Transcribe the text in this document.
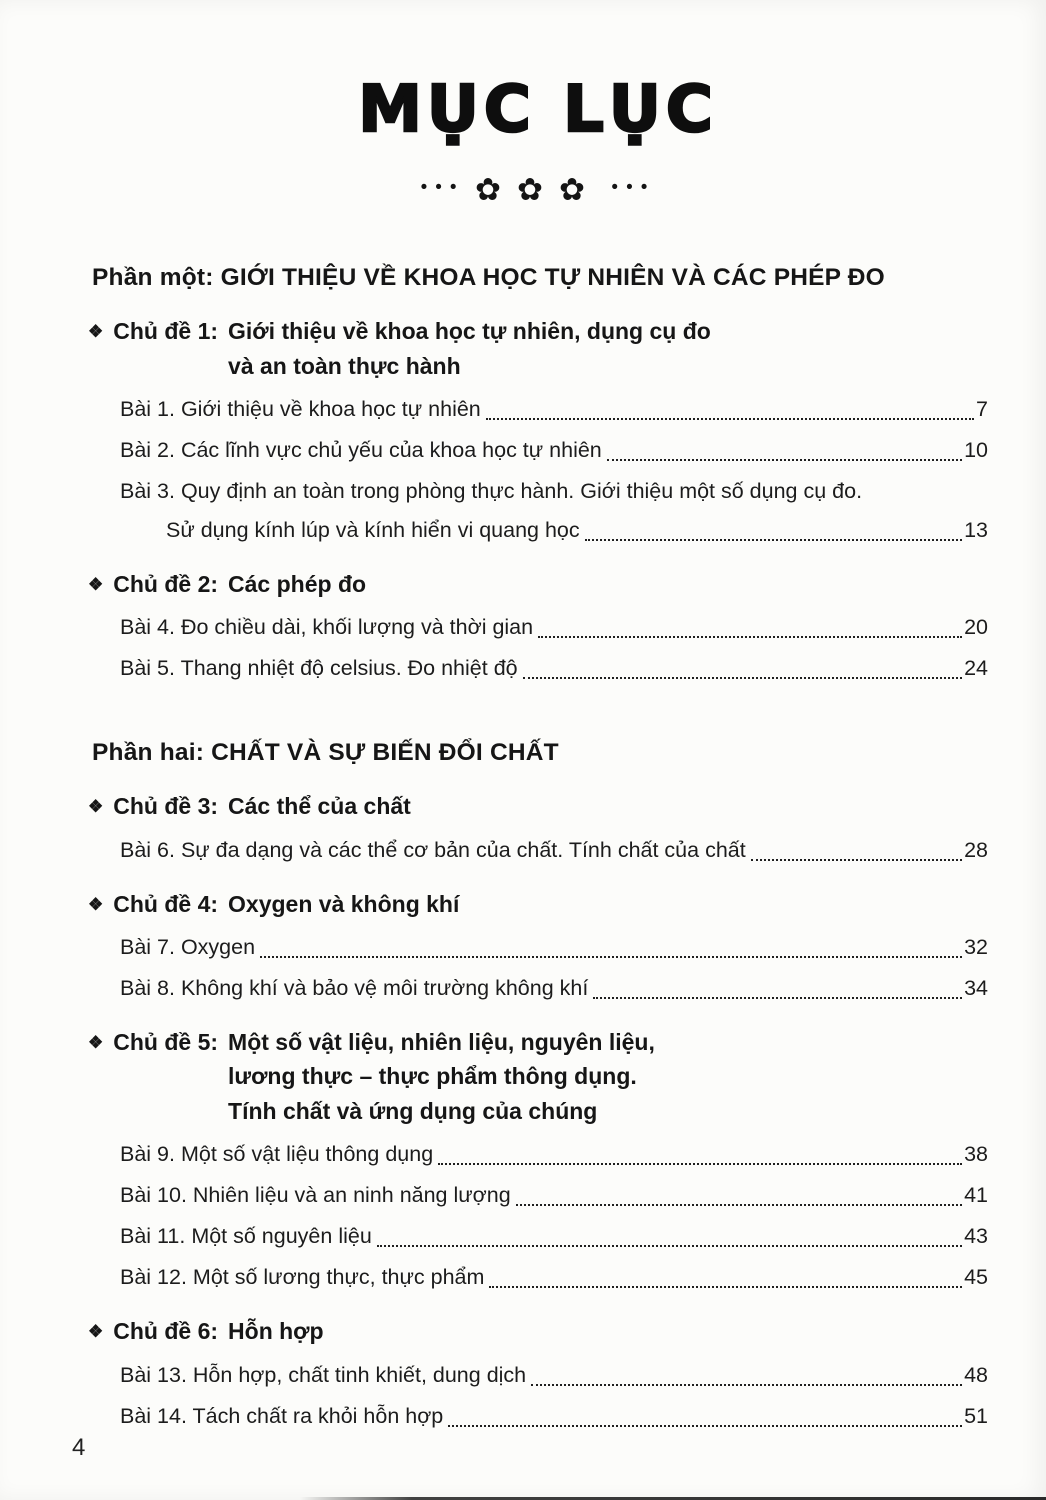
MỤC LỤC
••• ✿✿✿ •••
Phần một: GIỚI THIỆU VỀ KHOA HỌC TỰ NHIÊN VÀ CÁC PHÉP ĐO
❖ Chủ đề 1: Giới thiệu về khoa học tự nhiên, dụng cụ đo
và an toàn thực hành
Bài 1. Giới thiệu về khoa học tự nhiên	7
Bài 2. Các lĩnh vực chủ yếu của khoa học tự nhiên	10
Bài 3. Quy định an toàn trong phòng thực hành. Giới thiệu một số dụng cụ đo.
Sử dụng kính lúp và kính hiển vi quang học	13
❖ Chủ đề 2: Các phép đo
Bài 4. Đo chiều dài, khối lượng và thời gian	20
Bài 5. Thang nhiệt độ celsius. Đo nhiệt độ	24
Phần hai: CHẤT VÀ SỰ BIẾN ĐỔI CHẤT
❖ Chủ đề 3: Các thể của chất
Bài 6. Sự đa dạng và các thể cơ bản của chất. Tính chất của chất	28
❖ Chủ đề 4: Oxygen và không khí
Bài 7. Oxygen	32
Bài 8. Không khí và bảo vệ môi trường không khí	34
❖ Chủ đề 5: Một số vật liệu, nhiên liệu, nguyên liệu,
lương thực – thực phẩm thông dụng.
Tính chất và ứng dụng của chúng
Bài 9. Một số vật liệu thông dụng	38
Bài 10. Nhiên liệu và an ninh năng lượng	41
Bài 11. Một số nguyên liệu	43
Bài 12. Một số lương thực, thực phẩm	45
❖ Chủ đề 6: Hỗn hợp
Bài 13. Hỗn hợp, chất tinh khiết, dung dịch	48
Bài 14. Tách chất ra khỏi hỗn hợp	51
4
